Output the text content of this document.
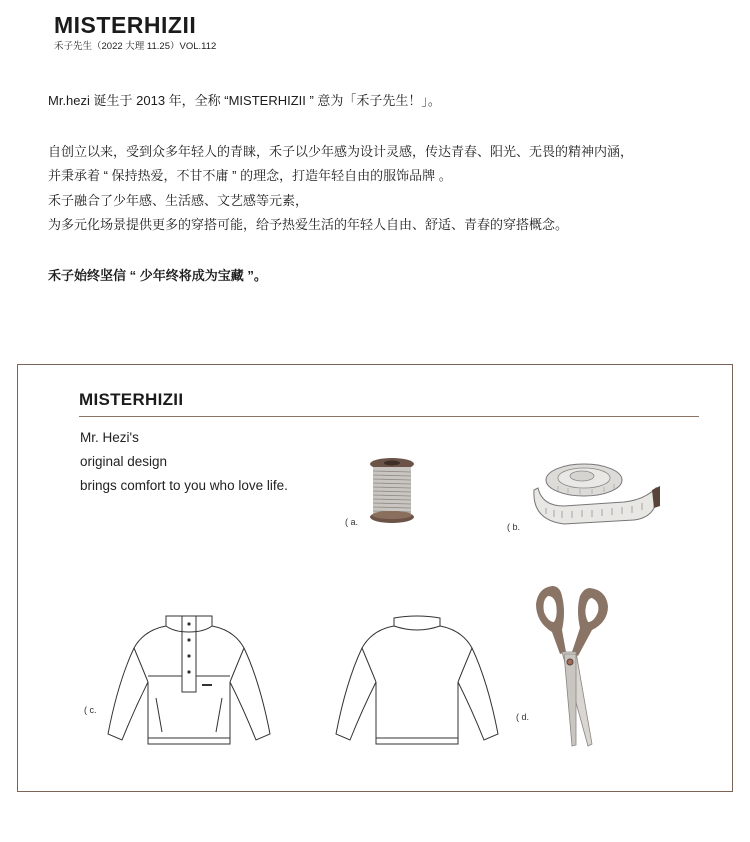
MISTERHIZII
禾子先生（2022 大理 11.25）VOL.112
Mr.hezi 诞生于 2013 年，全称 “MISTERHIZII ” 意为「禾子先生！」。
自创立以来，受到众多年轻人的青睐，禾子以少年感为设计灵感，传达青春、阳光、无畏的精神内涵，
并秉承着 “ 保持热爱，不甘不庸 ” 的理念，打造年轻自由的服饰品牌 。
禾子融合了少年感、生活感、文艺感等元素，
为多元化场景提供更多的穿搭可能，给予热爱生活的年轻人自由、舒适、青春的穿搭概念。
禾子始终坚信 “ 少年终将成为宝藏 ”。
MISTERHIZII
Mr. Hezi's
original design
brings comfort to you who love life.
( a.	( b.
( c.
( d.
